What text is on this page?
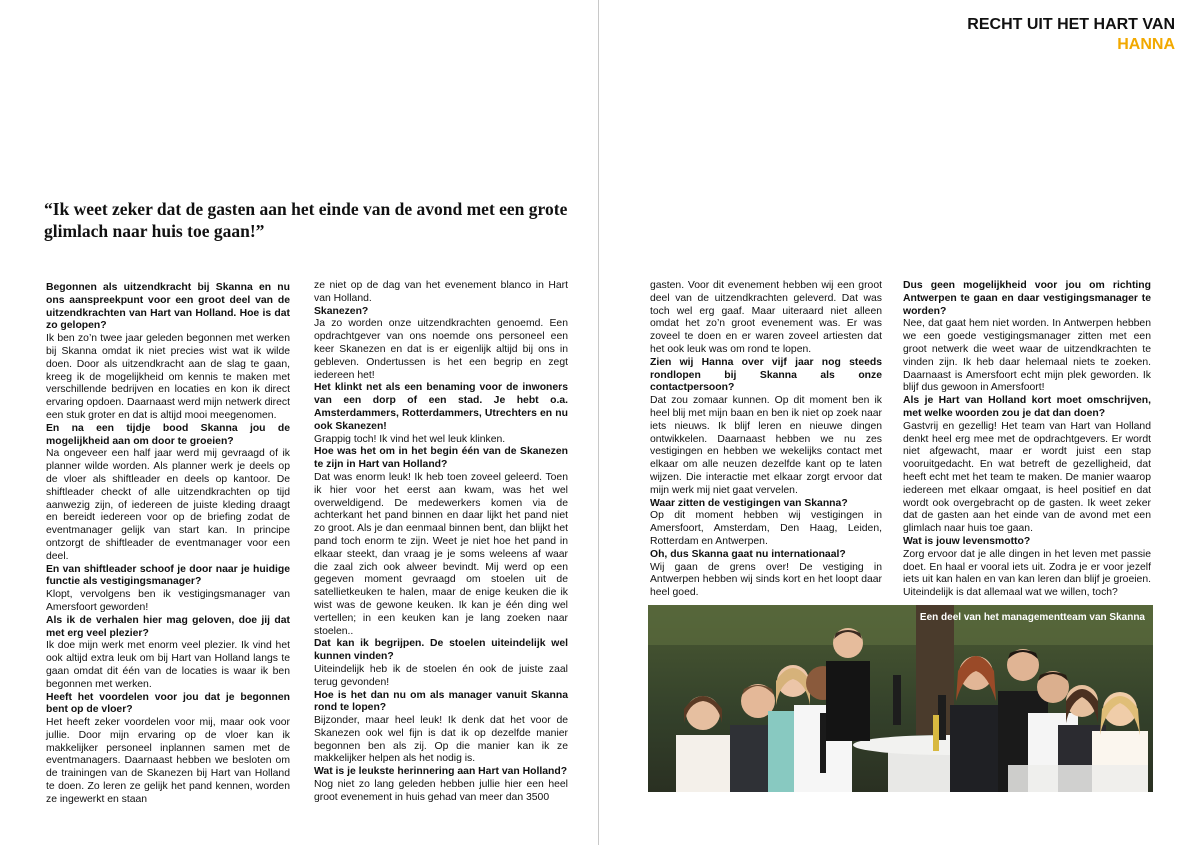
RECHT UIT HET HART VAN
HANNA
“Ik weet zeker dat de gasten aan het einde van de avond met een grote glimlach naar huis toe gaan!”

Begonnen als uitzendkracht bij Skanna en nu ons aanspreekpunt voor een groot deel van de uitzendkrachten van Hart van Holland. Hoe is dat zo gelopen?

Ik ben zo’n twee jaar geleden begonnen met werken bij Skanna omdat ik niet precies wist wat ik wilde doen. Door als uitzendkracht aan de slag te gaan, kreeg ik de mogelijkheid om kennis te maken met verschillende bedrijven en locaties en kon ik direct ervaring opdoen. Daarnaast werd mijn netwerk direct een stuk groter en dat is altijd mooi meegenomen.

En na een tijdje bood Skanna jou de mogelijkheid aan om door te groeien?

Na ongeveer een half jaar werd mij gevraagd of ik planner wilde worden. Als planner werk je deels op de vloer als shiftleader en deels op kantoor. De shiftleader checkt of alle uitzendkrachten op tijd aanwezig zijn, of iedereen de juiste kleding draagt en bereidt iedereen voor op de briefing zodat de eventmanager gelijk van start kan. In principe ontzorgt de shiftleader de eventmanager voor een deel.

En van shiftleader schoof je door naar je huidige functie als vestigingsmanager?

Klopt, vervolgens ben ik vestigingsmanager van Amersfoort geworden!

Als ik de verhalen hier mag geloven, doe jij dat met erg veel plezier?

Ik doe mijn werk met enorm veel plezier. Ik vind het ook altijd extra leuk om bij Hart van Holland langs te gaan omdat dit één van de locaties is waar ik ben begonnen met werken.

Heeft het voordelen voor jou dat je begonnen bent op de vloer?

Het heeft zeker voordelen voor mij, maar ook voor jullie. Door mijn ervaring op de vloer kan ik makkelijker personeel inplannen samen met de eventmanagers. Daarnaast hebben we besloten om de trainingen van de Skanezen bij Hart van Holland te doen. Zo leren ze gelijk het pand kennen, worden ze ingewerkt en staan

ze niet op de dag van het evenement blanco in Hart van Holland.

Skanezen?

Ja zo worden onze uitzendkrachten genoemd. Een opdrachtgever van ons noemde ons personeel een keer Skanezen en dat is er eigenlijk altijd bij ons in gebleven. Ondertussen is het een begrip en zegt iedereen het!

Het klinkt net als een benaming voor de inwoners van een dorp of een stad. Je hebt o.a. Amsterdammers, Rotterdammers, Utrechters en nu ook Skanezen!

Grappig toch! Ik vind het wel leuk klinken.

Hoe was het om in het begin één van de Skanezen te zijn in Hart van Holland?

Dat was enorm leuk! Ik heb toen zoveel geleerd. Toen ik hier voor het eerst aan kwam, was het wel overweldigend. De medewerkers komen via de achterkant het pand binnen en daar lijkt het pand niet zo groot. Als je dan eenmaal binnen bent, dan blijkt het pand toch enorm te zijn. Weet je niet hoe het pand in elkaar steekt, dan vraag je je soms weleens af waar die zaal zich ook alweer bevindt. Mij werd op een gegeven moment gevraagd om stoelen uit de satellietkeuken te halen, maar de enige keuken die ik wist was de gewone keuken. Ik kan je één ding wel vertellen; in een keuken kan je lang zoeken naar stoelen..

Dat kan ik begrijpen. De stoelen uiteindelijk wel kunnen vinden?

Uiteindelijk heb ik de stoelen én ook de juiste zaal terug gevonden!

Hoe is het dan nu om als manager vanuit Skanna rond te lopen?

Bijzonder, maar heel leuk! Ik denk dat het voor de Skanezen ook wel fijn is dat ik op dezelfde manier begonnen ben als zij. Op die manier kan ik ze makkelijker helpen als het nodig is.

Wat is je leukste herinnering aan Hart van Holland?

Nog niet zo lang geleden hebben jullie hier een heel groot evenement in huis gehad van meer dan 3500

gasten. Voor dit evenement hebben wij een groot deel van de uitzendkrachten geleverd. Dat was toch wel erg gaaf. Maar uiteraard niet alleen omdat het zo’n groot evenement was. Er was zoveel te doen en er waren zoveel artiesten dat het ook leuk was om rond te lopen.

Zien wij Hanna over vijf jaar nog steeds rondlopen bij Skanna als onze contactpersoon?

Dat zou zomaar kunnen. Op dit moment ben ik heel blij met mijn baan en ben ik niet op zoek naar iets nieuws. Ik blijf leren en nieuwe dingen ontwikkelen. Daarnaast hebben we nu zes vestigingen en hebben we wekelijks contact met elkaar om alle neuzen dezelfde kant op te laten wijzen. Die interactie met elkaar zorgt ervoor dat mijn werk mij niet gaat vervelen.

Waar zitten de vestigingen van Skanna?

Op dit moment hebben wij vestigingen in Amersfoort, Amsterdam, Den Haag, Leiden, Rotterdam en Antwerpen.

Oh, dus Skanna gaat nu internationaal?

Wij gaan de grens over! De vestiging in Antwerpen hebben wij sinds kort en het loopt daar heel goed.

Dus geen mogelijkheid voor jou om richting Antwerpen te gaan en daar vestigingsmanager te worden?

Nee, dat gaat hem niet worden. In Antwerpen hebben we een goede vestigingsmanager zitten met een groot netwerk die weet waar de uitzendkrachten te vinden zijn. Ik heb daar helemaal niets te zoeken. Daarnaast is Amersfoort echt mijn plek geworden. Ik blijf dus gewoon in Amersfoort!

Als je Hart van Holland kort moet omschrijven, met welke woorden zou je dat dan doen?

Gastvrij en gezellig! Het team van Hart van Holland denkt heel erg mee met de opdrachtgevers. Er wordt niet afgewacht, maar er wordt juist een stap vooruitgedacht. En wat betreft de gezelligheid, dat heeft echt met het team te maken. De manier waarop iedereen met elkaar omgaat, is heel positief en dat wordt ook overgebracht op de gasten. Ik weet zeker dat de gasten aan het einde van de avond met een glimlach naar huis toe gaan.

Wat is jouw levensmotto?

Zorg ervoor dat je alle dingen in het leven met passie doet. En haal er vooral iets uit. Zodra je er voor jezelf iets uit kan halen en van kan leren dan blijf je groeien. Uiteindelijk is dat allemaal wat we willen, toch?

Een deel van het managementteam van Skanna
